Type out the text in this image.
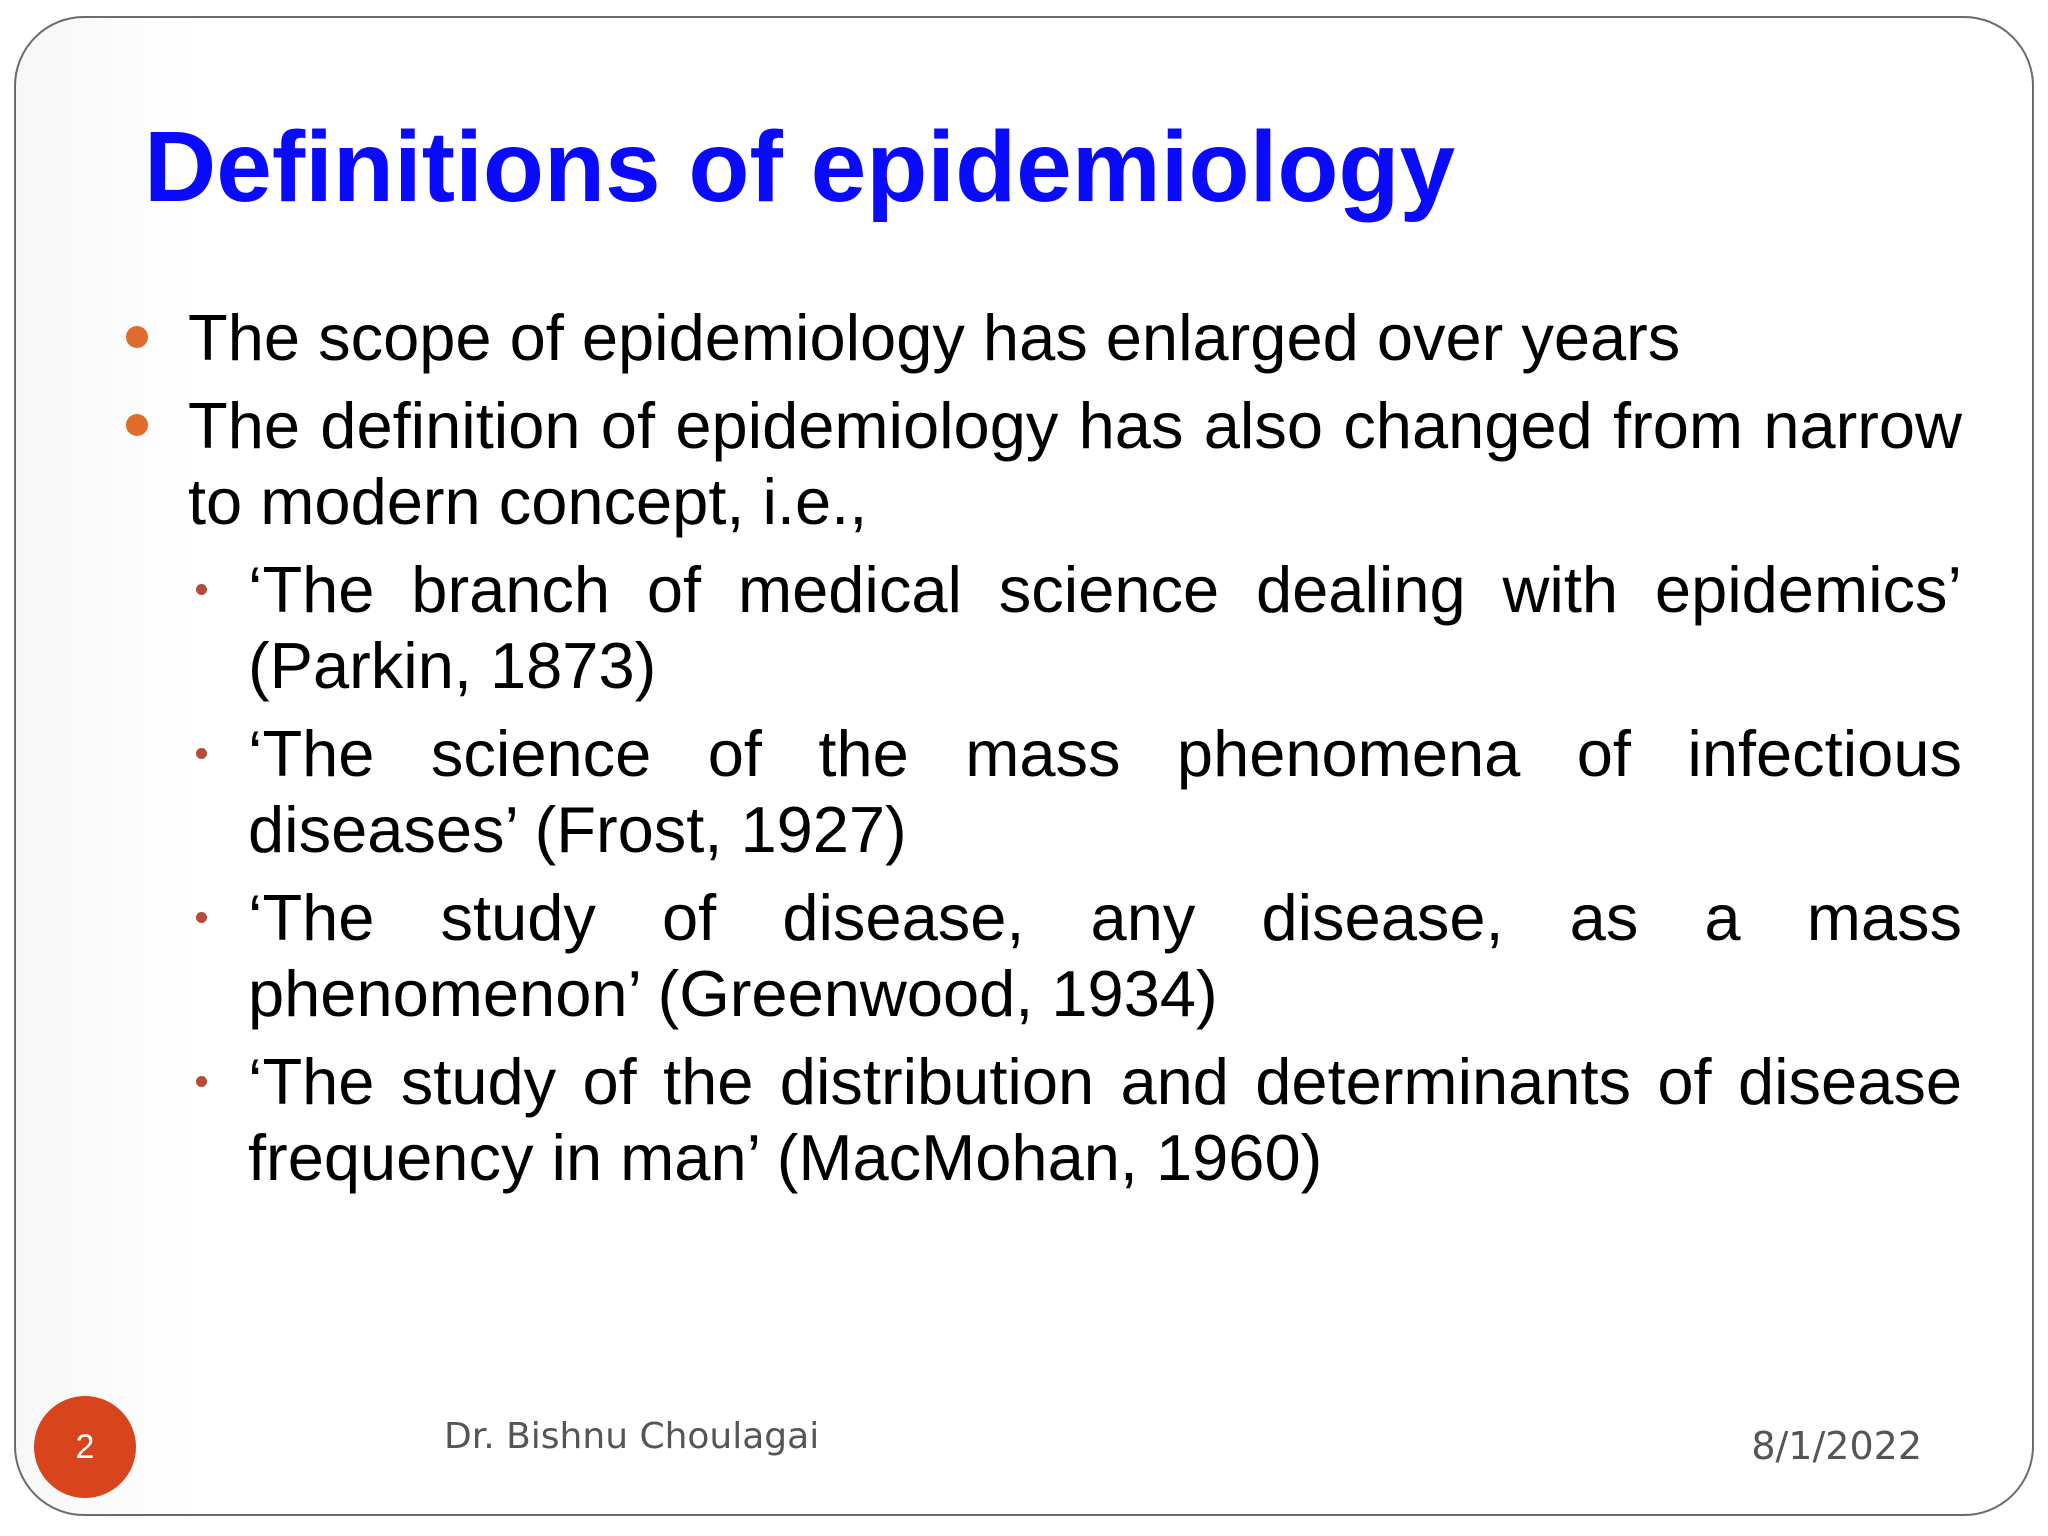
Definitions of epidemiology
The scope of epidemiology has enlarged over years
The definition of epidemiology has also changed from narrow to modern concept, i.e.,
‘The branch of medical science dealing with epidemics’ (Parkin, 1873)
‘The science of the mass phenomena of infectious diseases’ (Frost, 1927)
‘The study of disease, any disease, as a mass phenomenon’ (Greenwood, 1934)
‘The study of the distribution and determinants of disease frequency in man’ (MacMohan, 1960)
2	Dr. Bishnu Choulagai	8/1/2022
